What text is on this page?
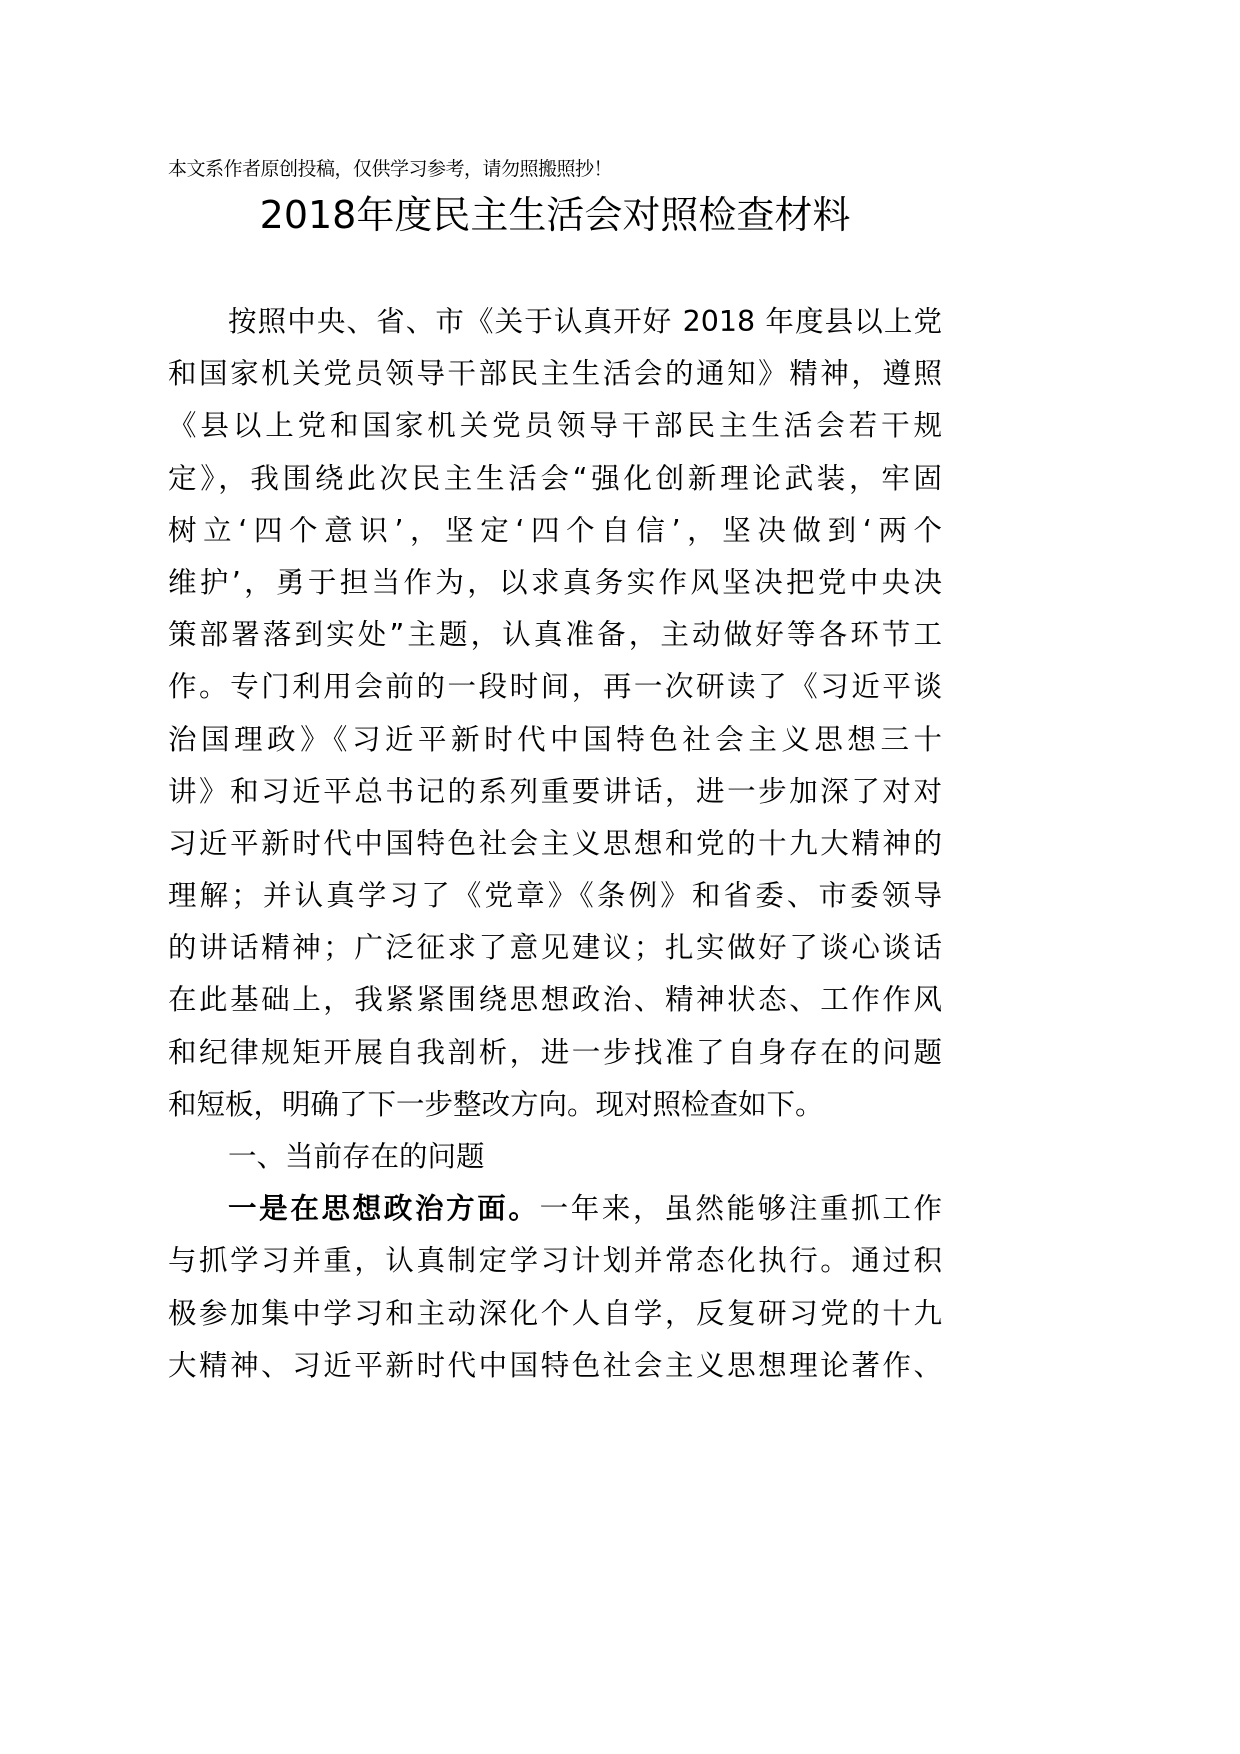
本文系作者原创投稿，仅供学习参考，请勿照搬照抄！
2018年度民主生活会对照检查材料
按照中央、省、市《关于认真开好 2018 年度县以上党
和国家机关党员领导干部民主生活会的通知》精神，遵照
《县以上党和国家机关党员领导干部民主生活会若干规
定》，我围绕此次民主生活会“强化创新理论武装，牢固
树立‘四个意识’，坚定‘四个自信’，坚决做到‘两个
维护’，勇于担当作为，以求真务实作风坚决把党中央决
策部署落到实处”主题，认真准备，主动做好等各环节工
作。专门利用会前的一段时间，再一次研读了《习近平谈
治国理政》《习近平新时代中国特色社会主义思想三十
讲》和习近平总书记的系列重要讲话，进一步加深了对对
习近平新时代中国特色社会主义思想和党的十九大精神的
理解；并认真学习了《党章》《条例》和省委、市委领导
的讲话精神；广泛征求了意见建议；扎实做好了谈心谈话
在此基础上，我紧紧围绕思想政治、精神状态、工作作风
和纪律规矩开展自我剖析，进一步找准了自身存在的问题
和短板，明确了下一步整改方向。现对照检查如下。
一、当前存在的问题
一是在思想政治方面。一年来，虽然能够注重抓工作
与抓学习并重，认真制定学习计划并常态化执行。通过积
极参加集中学习和主动深化个人自学，反复研习党的十九
大精神、习近平新时代中国特色社会主义思想理论著作、
